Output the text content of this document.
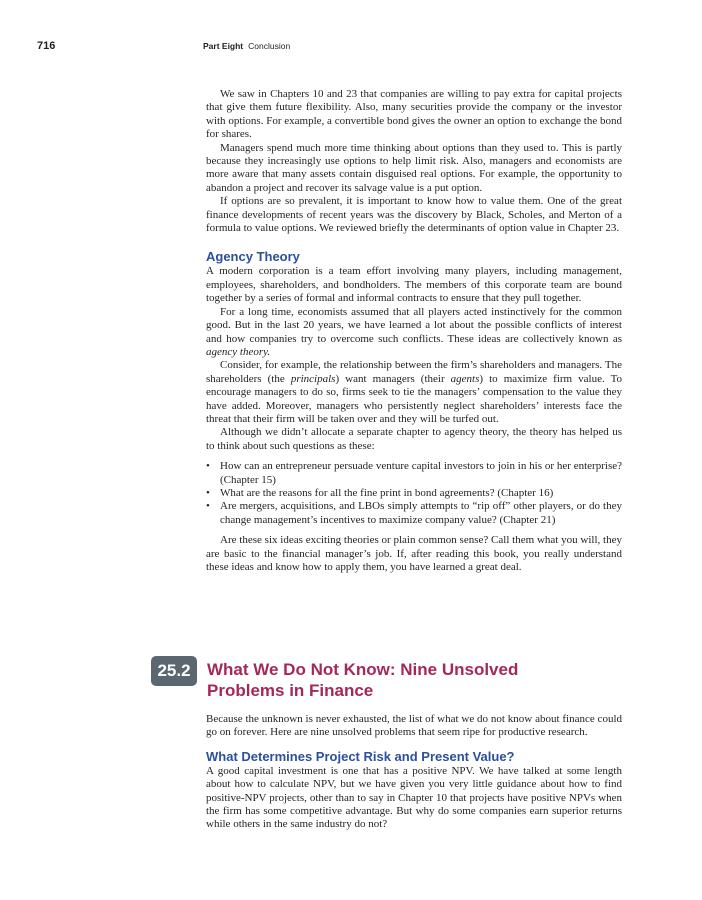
716	Part Eight Conclusion

We saw in Chapters 10 and 23 that companies are willing to pay extra for capital projects that give them future flexibility. Also, many securities provide the company or the investor with options. For example, a convertible bond gives the owner an option to exchange the bond for shares.

Managers spend much more time thinking about options than they used to. This is partly because they increasingly use options to help limit risk. Also, managers and economists are more aware that many assets contain disguised real options. For example, the opportunity to abandon a project and recover its salvage value is a put option.

If options are so prevalent, it is important to know how to value them. One of the great finance developments of recent years was the discovery by Black, Scholes, and Merton of a formula to value options. We reviewed briefly the determinants of option value in Chapter 23.

Agency Theory

A modern corporation is a team effort involving many players, including management, employees, shareholders, and bondholders. The members of this corporate team are bound together by a series of formal and informal contracts to ensure that they pull together.

For a long time, economists assumed that all players acted instinctively for the common good. But in the last 20 years, we have learned a lot about the possible conflicts of interest and how companies try to overcome such conflicts. These ideas are collectively known as agency theory.

Consider, for example, the relationship between the firm’s shareholders and managers. The shareholders (the principals) want managers (their agents) to maximize firm value. To encourage managers to do so, firms seek to tie the managers’ compensation to the value they have added. Moreover, managers who persistently neglect shareholders’ interests face the threat that their firm will be taken over and they will be turfed out.

Although we didn’t allocate a separate chapter to agency theory, the theory has helped us to think about such questions as these:

• How can an entrepreneur persuade venture capital investors to join in his or her enterprise? (Chapter 15)
• What are the reasons for all the fine print in bond agreements? (Chapter 16)
• Are mergers, acquisitions, and LBOs simply attempts to “rip off” other players, or do they change management’s incentives to maximize company value? (Chapter 21)

Are these six ideas exciting theories or plain common sense? Call them what you will, they are basic to the financial manager’s job. If, after reading this book, you really understand these ideas and know how to apply them, you have learned a great deal.

25.2 What We Do Not Know: Nine Unsolved
Problems in Finance

Because the unknown is never exhausted, the list of what we do not know about finance could go on forever. Here are nine unsolved problems that seem ripe for productive research.

What Determines Project Risk and Present Value?

A good capital investment is one that has a positive NPV. We have talked at some length about how to calculate NPV, but we have given you very little guidance about how to find positive-NPV projects, other than to say in Chapter 10 that projects have positive NPVs when the firm has some competitive advantage. But why do some companies earn superior returns while others in the same industry do not?
